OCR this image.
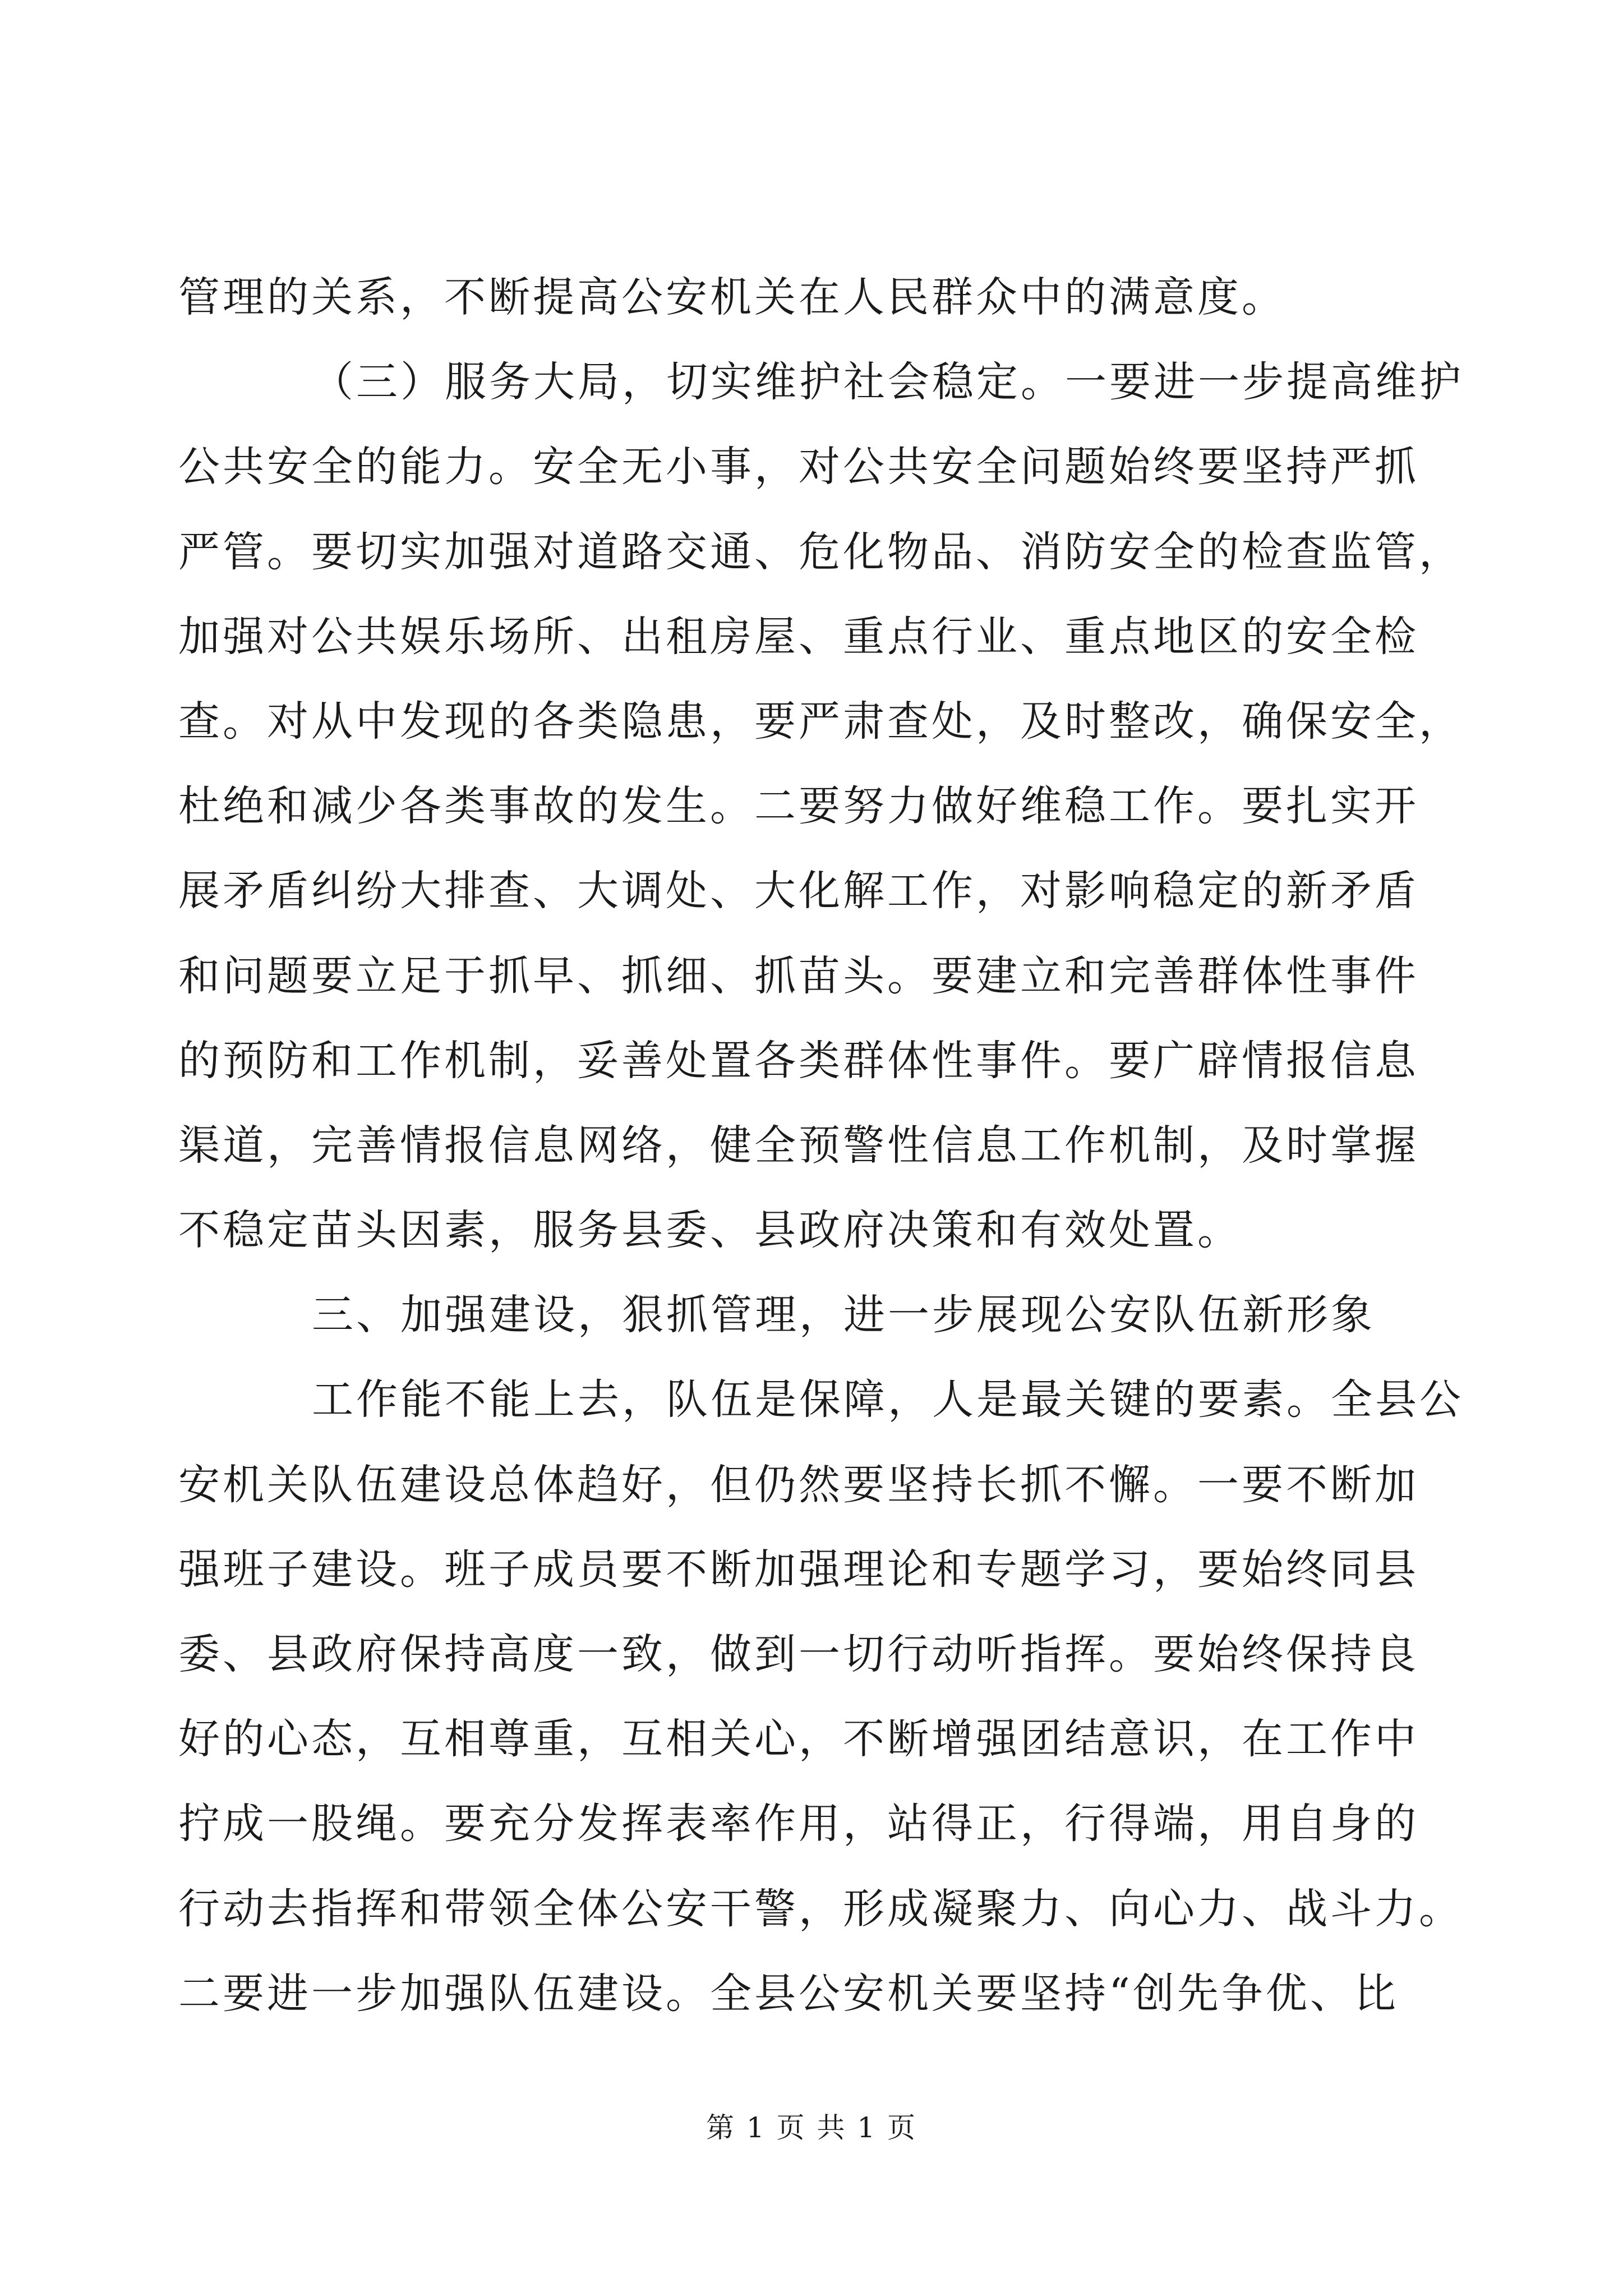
管理的关系，不断提高公安机关在人民群众中的满意度。
（三）服务大局，切实维护社会稳定。一要进一步提高维护
公共安全的能力。安全无小事，对公共安全问题始终要坚持严抓
严管。要切实加强对道路交通、危化物品、消防安全的检查监管，
加强对公共娱乐场所、出租房屋、重点行业、重点地区的安全检
查。对从中发现的各类隐患，要严肃查处，及时整改，确保安全，
杜绝和减少各类事故的发生。二要努力做好维稳工作。要扎实开
展矛盾纠纷大排查、大调处、大化解工作，对影响稳定的新矛盾
和问题要立足于抓早、抓细、抓苗头。要建立和完善群体性事件
的预防和工作机制，妥善处置各类群体性事件。要广辟情报信息
渠道，完善情报信息网络，健全预警性信息工作机制，及时掌握
不稳定苗头因素，服务县委、县政府决策和有效处置。
三、加强建设，狠抓管理，进一步展现公安队伍新形象
工作能不能上去，队伍是保障，人是最关键的要素。全县公
安机关队伍建设总体趋好，但仍然要坚持长抓不懈。一要不断加
强班子建设。班子成员要不断加强理论和专题学习，要始终同县
委、县政府保持高度一致，做到一切行动听指挥。要始终保持良
好的心态，互相尊重，互相关心，不断增强团结意识，在工作中
拧成一股绳。要充分发挥表率作用，站得正，行得端，用自身的
行动去指挥和带领全体公安干警，形成凝聚力、向心力、战斗力。
二要进一步加强队伍建设。全县公安机关要坚持“创先争优、比
第 1 页 共 1 页
